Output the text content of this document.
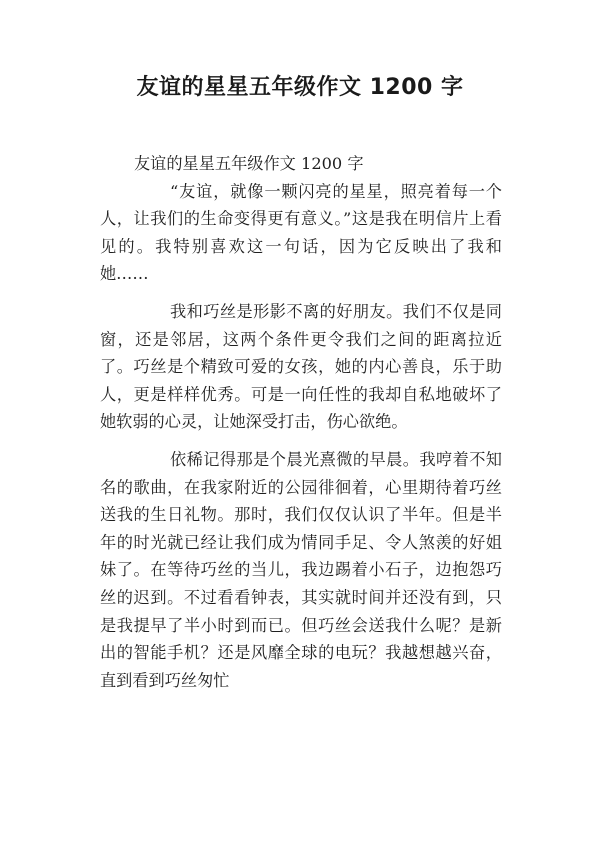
友谊的星星五年级作文 1200 字

友谊的星星五年级作文 1200 字

“友谊，就像一颗闪亮的星星，照亮着每一个人，让我们的生命变得更有意义。”这是我在明信片上看见的。我特别喜欢这一句话，因为它反映出了我和她……

我和巧丝是形影不离的好朋友。我们不仅是同窗，还是邻居，这两个条件更令我们之间的距离拉近了。巧丝是个精致可爱的女孩，她的内心善良，乐于助人，更是样样优秀。可是一向任性的我却自私地破坏了她软弱的心灵，让她深受打击，伤心欲绝。

依稀记得那是个晨光熹微的早晨。我哼着不知名的歌曲，在我家附近的公园徘徊着，心里期待着巧丝送我的生日礼物。那时，我们仅仅认识了半年。但是半年的时光就已经让我们成为情同手足、令人煞羡的好姐妹了。在等待巧丝的当儿，我边踢着小石子，边抱怨巧丝的迟到。不过看看钟表，其实就时间并还没有到，只是我提早了半小时到而已。但巧丝会送我什么呢？是新出的智能手机？还是风靡全球的电玩？我越想越兴奋，直到看到巧丝匆忙
